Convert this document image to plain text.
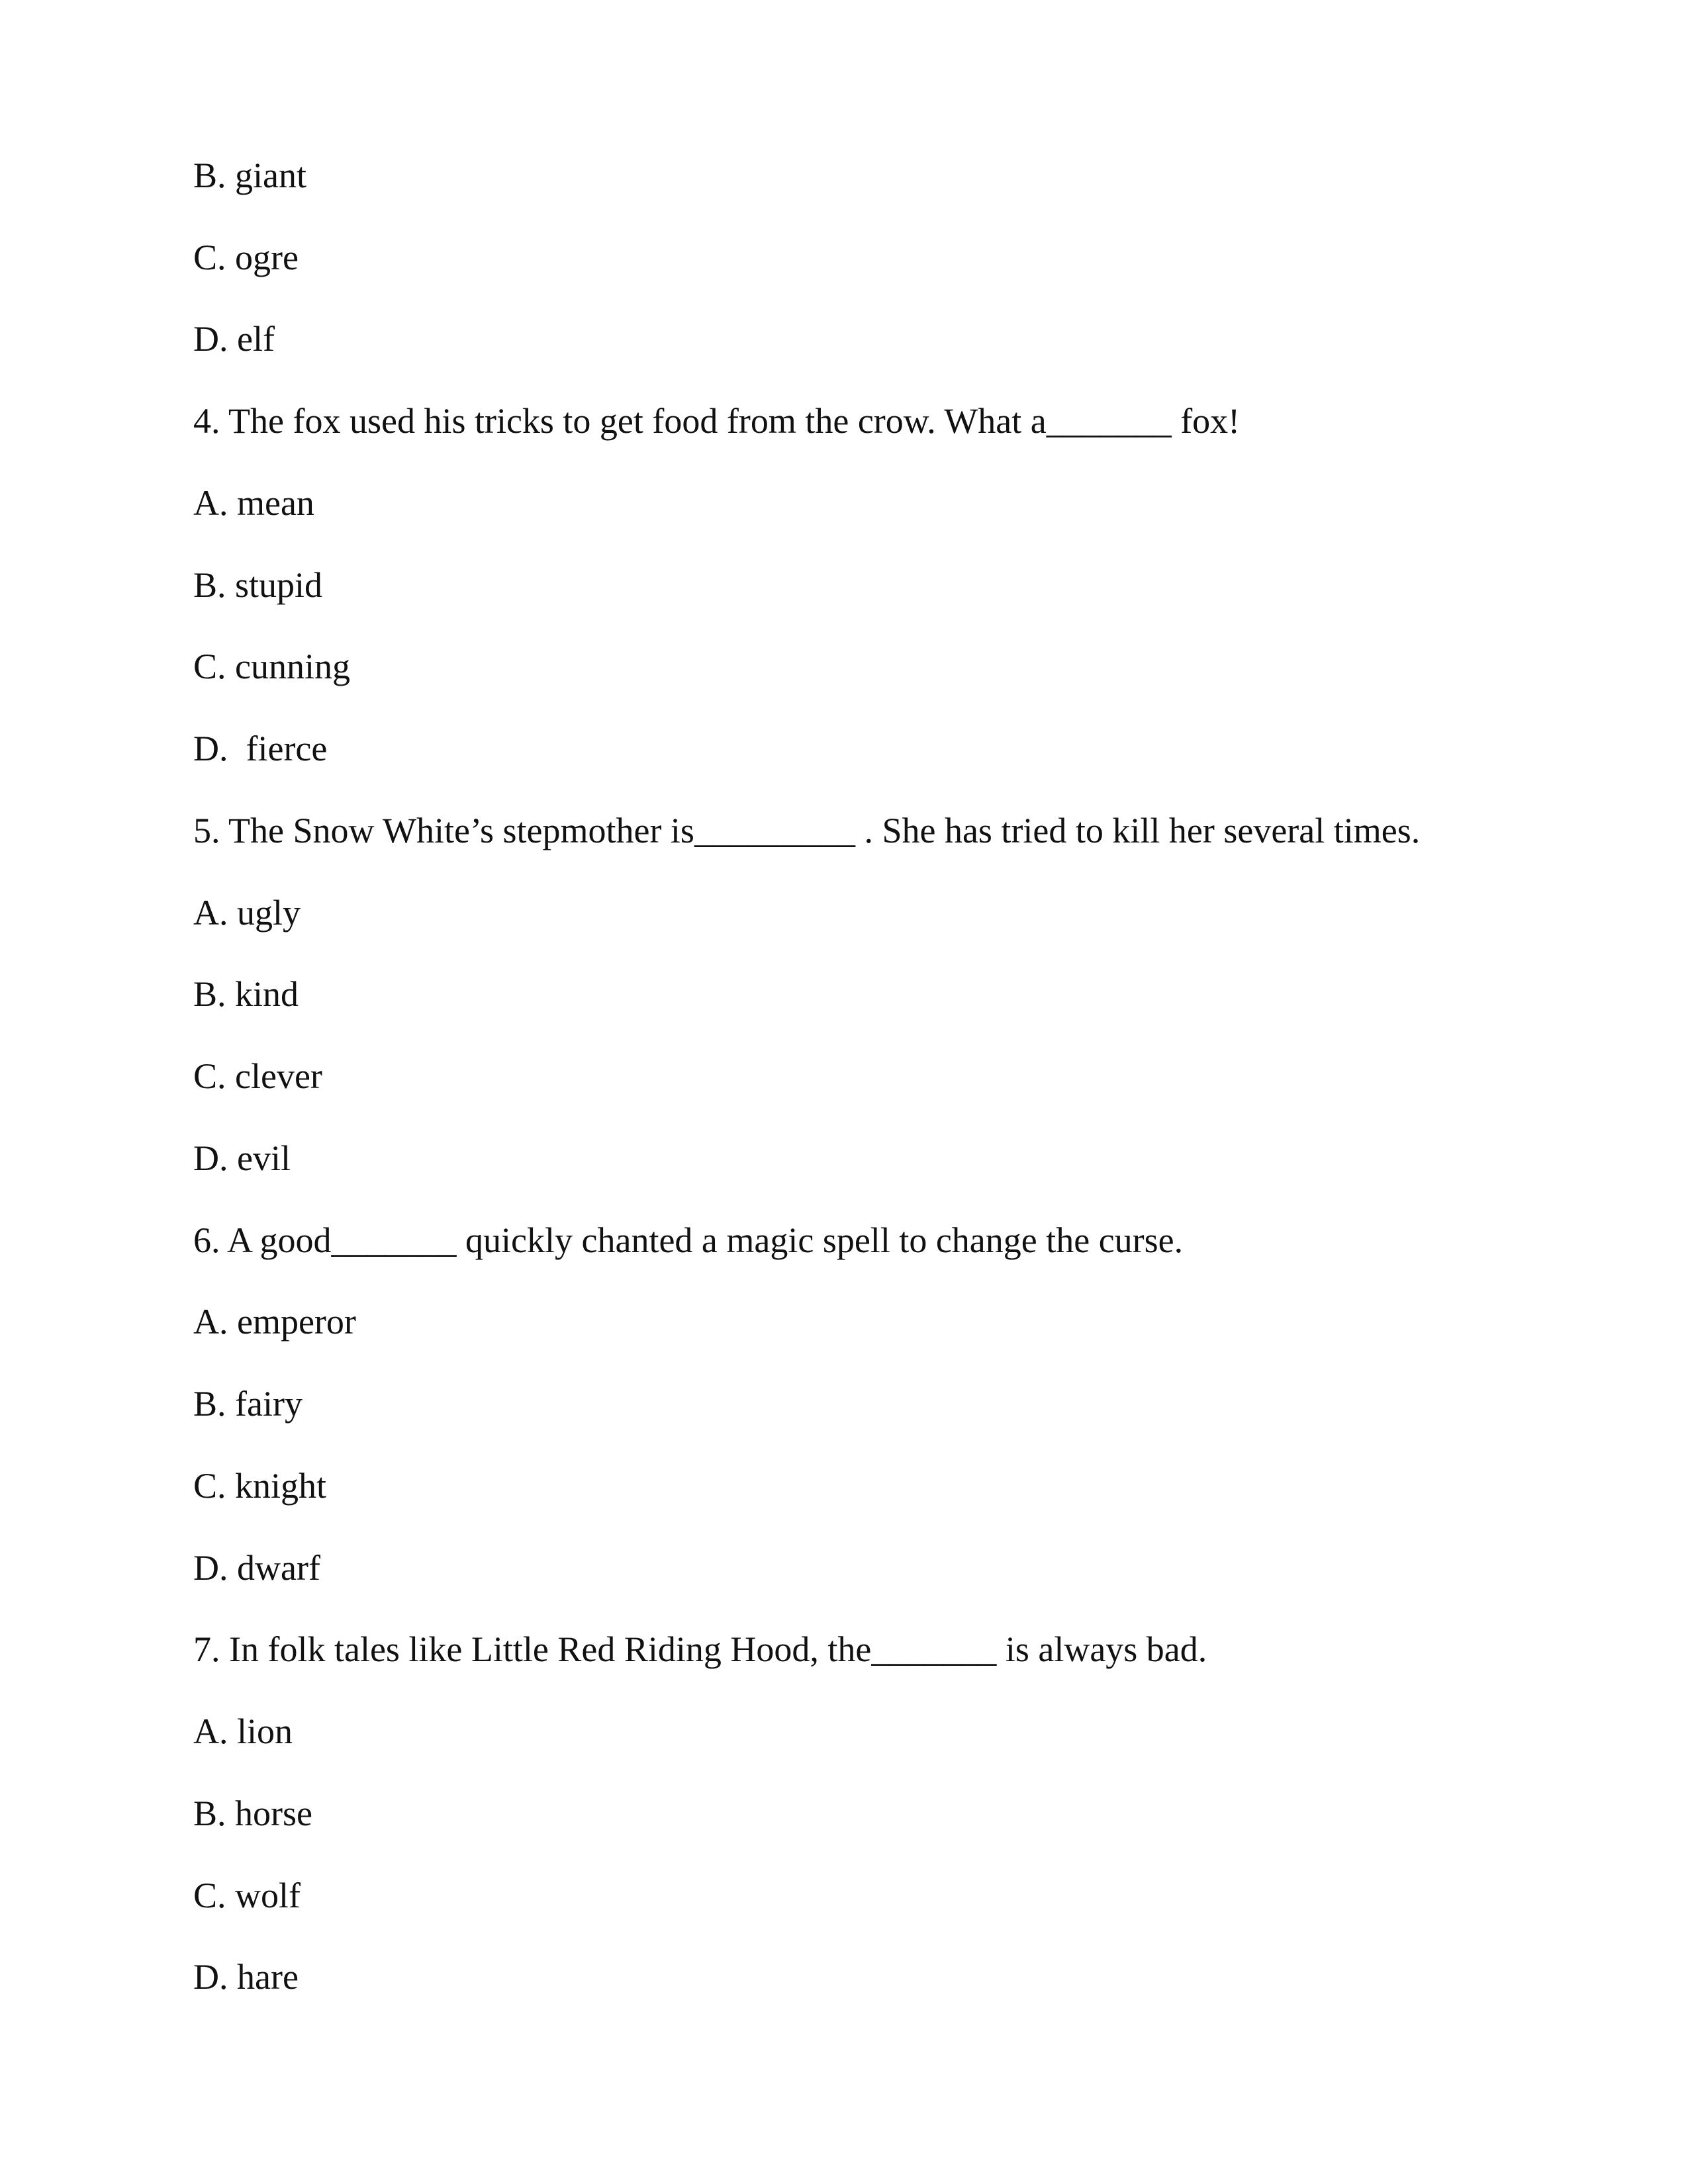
B. giant
C. ogre
D. elf
4. The fox used his tricks to get food from the crow. What a_______ fox!
A. mean
B. stupid
C. cunning
D.  fierce
5. The Snow White’s stepmother is_________ . She has tried to kill her several times.
A. ugly
B. kind
C. clever
D. evil
6. A good_______ quickly chanted a magic spell to change the curse.
A. emperor
B. fairy
C. knight
D. dwarf
7. In folk tales like Little Red Riding Hood, the_______ is always bad.
A. lion
B. horse
C. wolf
D. hare
